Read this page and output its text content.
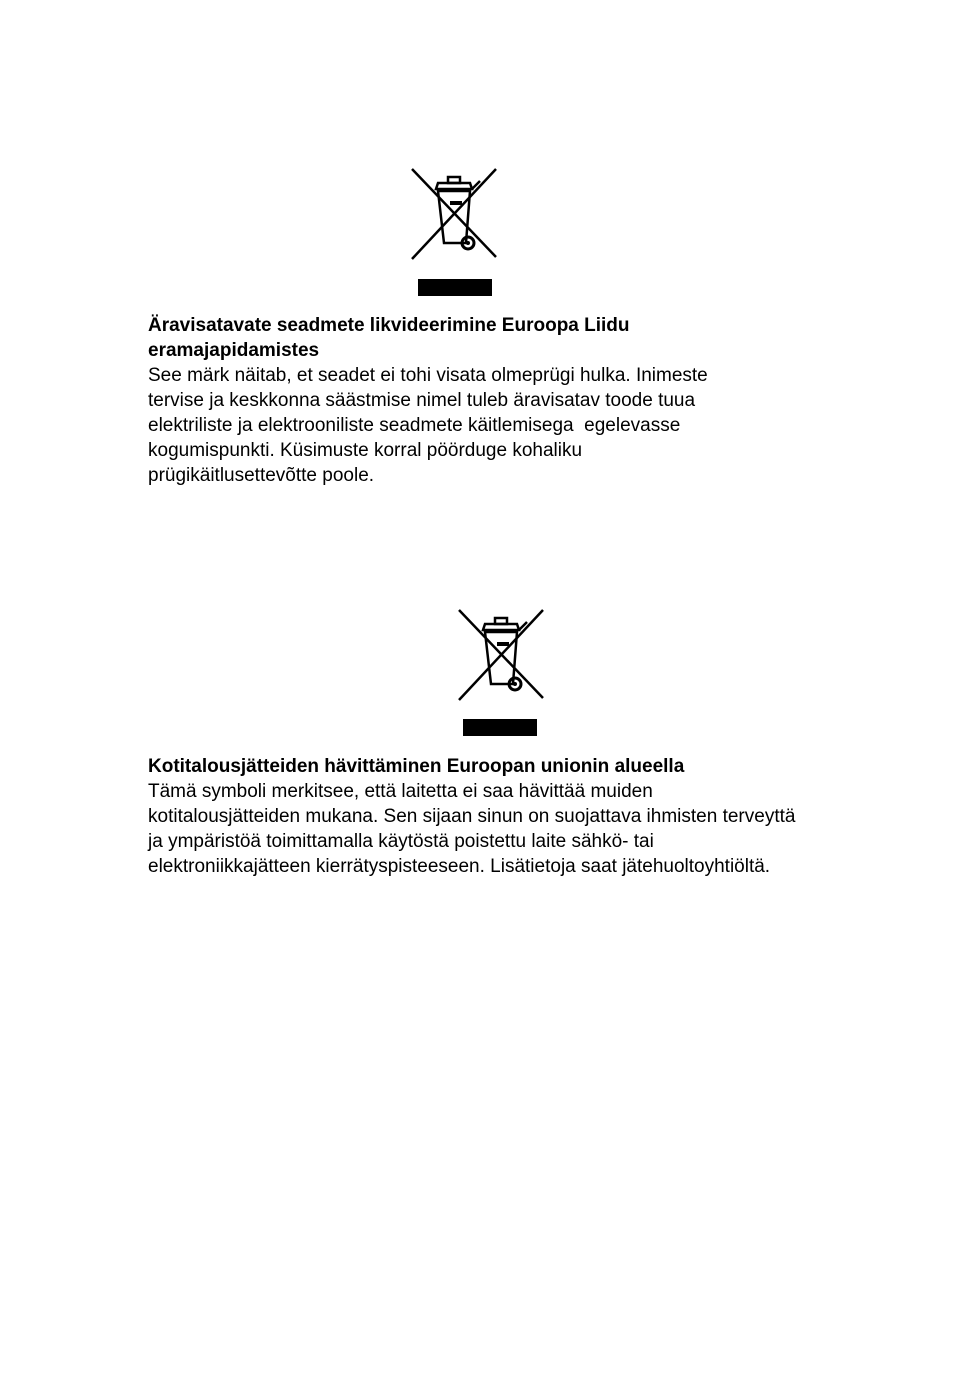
Äravisatavate seadmete likvideerimine Euroopa Liidu
eramajapidamistes

See märk näitab, et seadet ei tohi visata olmeprügi hulka. Inimeste
tervise ja keskkonna säästmise nimel tuleb äravisatav toode tuua
elektriliste ja elektrooniliste seadmete käitlemisega  egelevasse
kogumispunkti. Küsimuste korral pöörduge kohaliku
prügikäitlusettevõtte poole.

Kotitalousjätteiden hävittäminen Euroopan unionin alueella

Tämä symboli merkitsee, että laitetta ei saa hävittää muiden
kotitalousjätteiden mukana. Sen sijaan sinun on suojattava ihmisten terveyttä
ja ympäristöä toimittamalla käytöstä poistettu laite sähkö- tai
elektroniikkajätteen kierrätyspisteeseen. Lisätietoja saat jätehuoltoyhtiöltä.
